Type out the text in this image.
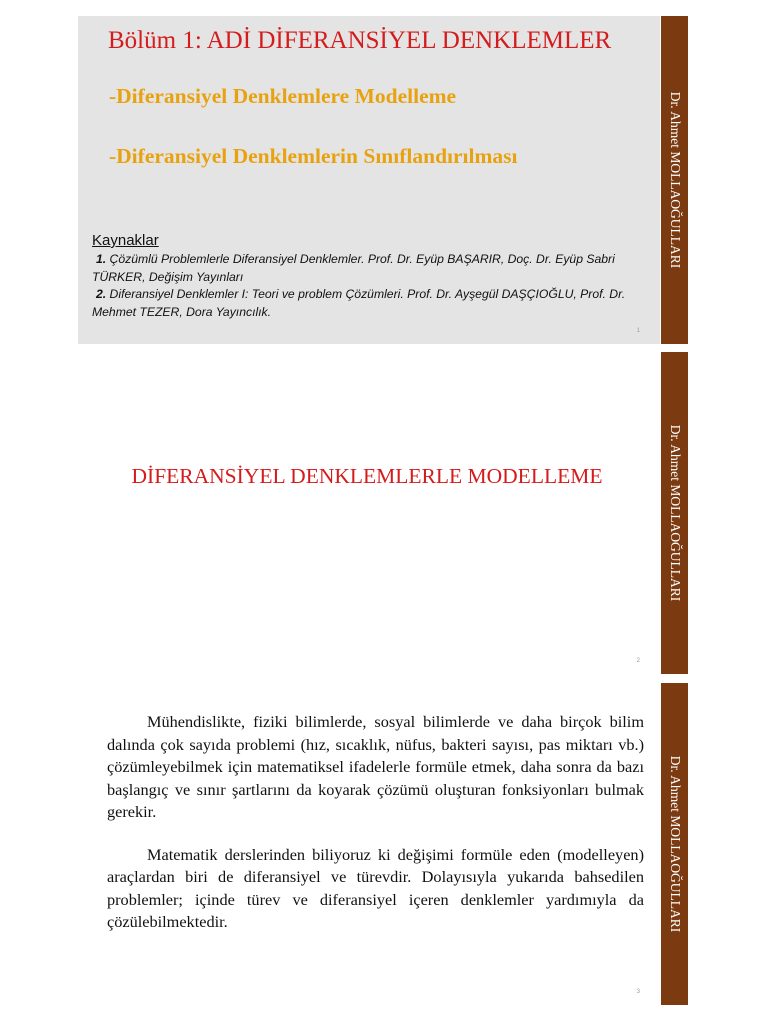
Bölüm 1: ADİ DİFERANSİYEL DENKLEMLER
-Diferansiyel Denklemlere Modelleme
-Diferansiyel Denklemlerin Sınıflandırılması
Kaynaklar
1. Çözümlü Problemlerle Diferansiyel Denklemler. Prof. Dr. Eyüp BAŞARIR, Doç. Dr. Eyüp Sabri TÜRKER, Değişim Yayınları
2. Diferansiyel Denklemler I: Teori ve problem Çözümleri. Prof. Dr. Ayşegül DAŞÇIOĞLU, Prof. Dr. Mehmet TEZER, Dora Yayıncılık.
1
Dr. Ahmet MOLLAOĞULLARI
DİFERANSİYEL DENKLEMLERLE MODELLEME
2
Dr. Ahmet MOLLAOĞULLARI

Mühendislikte, fiziki bilimlerde, sosyal bilimlerde ve daha birçok bilim dalında çok sayıda problemi (hız, sıcaklık, nüfus, bakteri sayısı, pas miktarı vb.) çözümleyebilmek için matematiksel ifadelerle formüle etmek, daha sonra da bazı başlangıç ve sınır şartlarını da koyarak çözümü oluşturan fonksiyonları bulmak gerekir.

Matematik derslerinden biliyoruz ki değişimi formüle eden (modelleyen) araçlardan biri de diferansiyel ve türevdir. Dolayısıyla yukarıda bahsedilen problemler; içinde türev ve diferansiyel içeren denklemler yardımıyla da çözülebilmektedir.

3
Dr. Ahmet MOLLAOĞULLARI
